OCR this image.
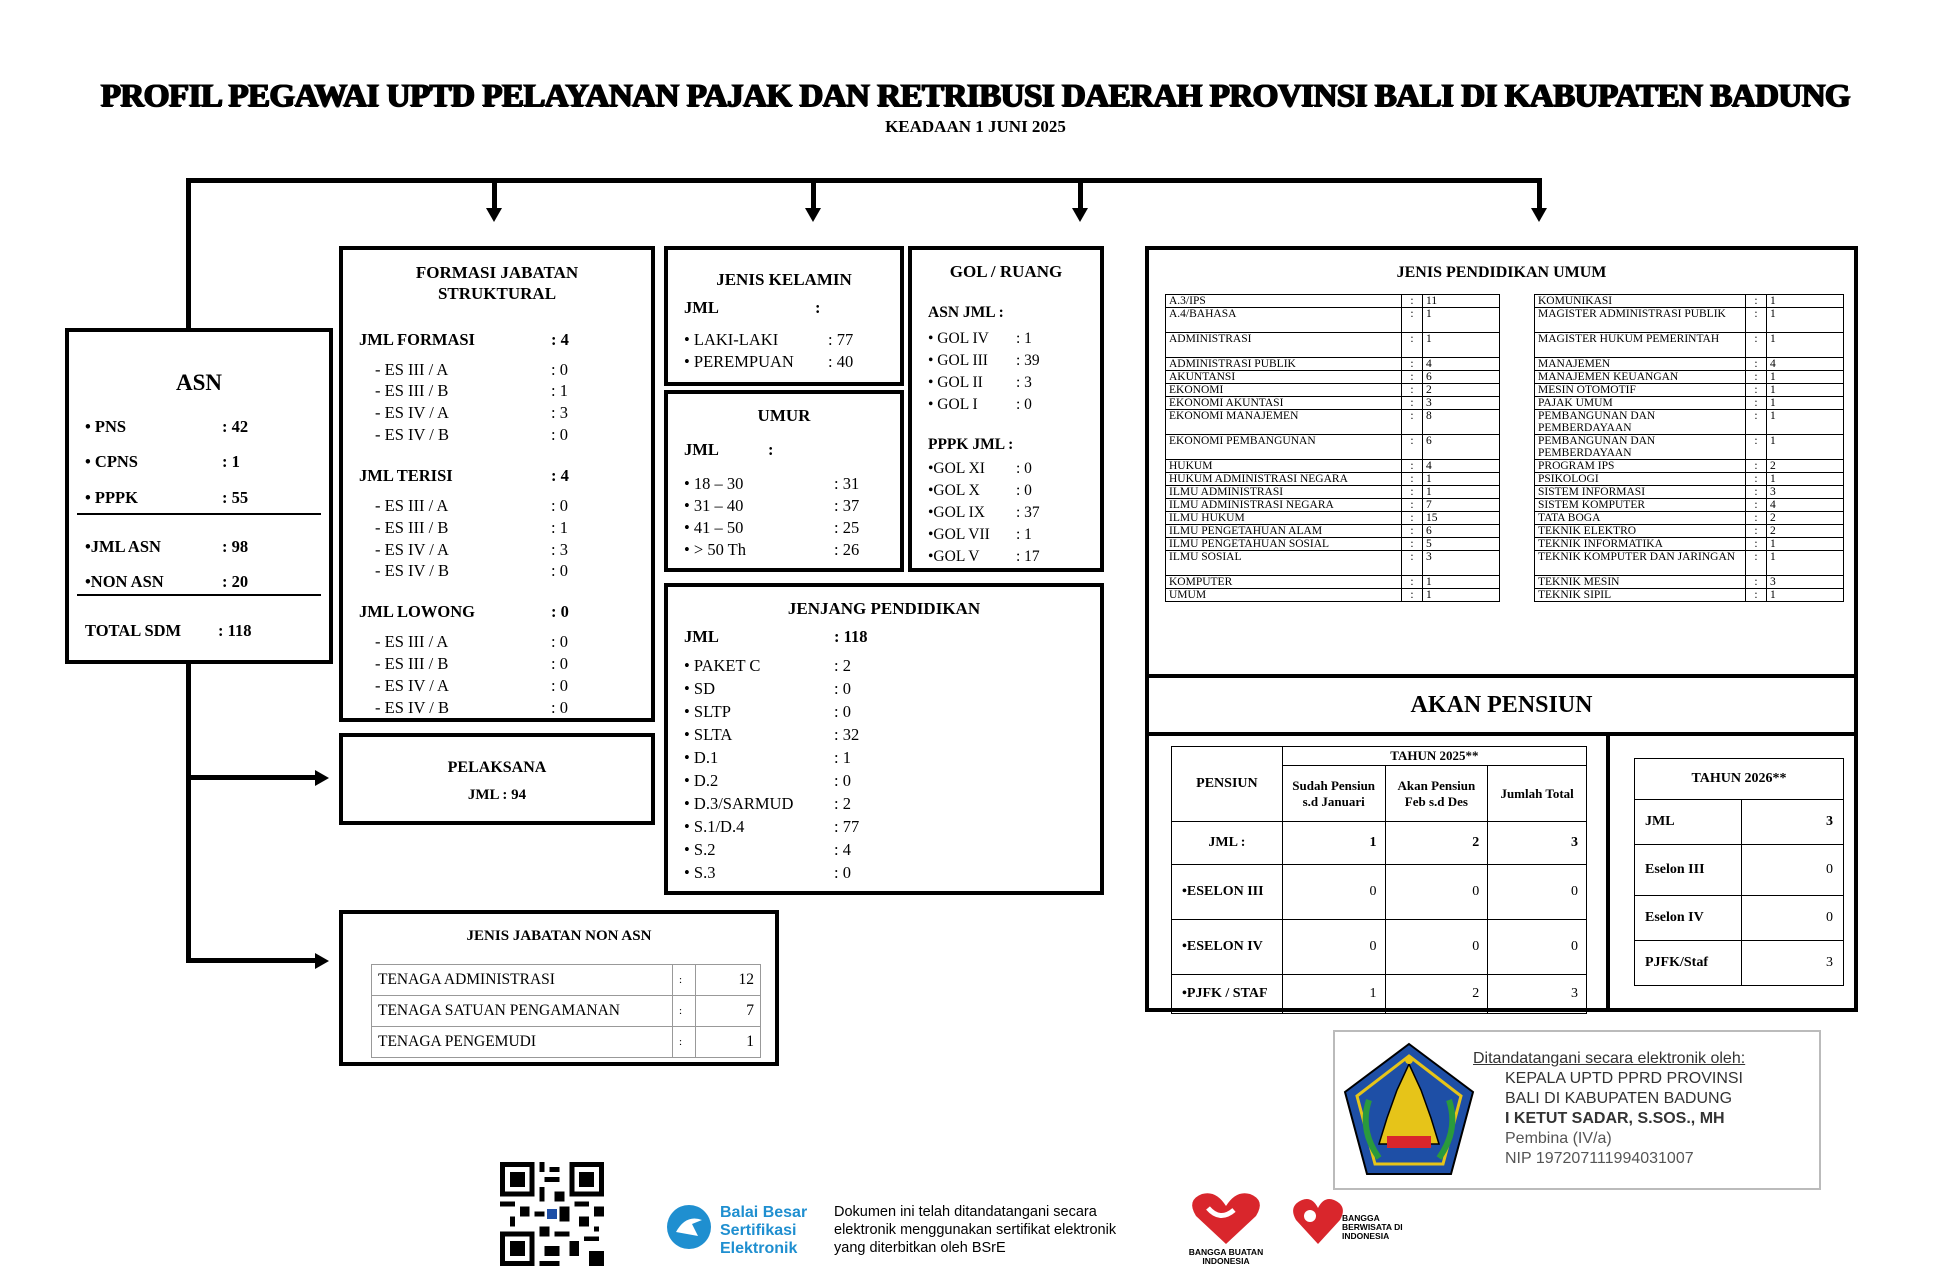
PROFIL PEGAWAI UPTD PELAYANAN PAJAK DAN RETRIBUSI DAERAH PROVINSI BALI DI KABUPATEN BADUNG
KEADAAN 1 JUNI 2025
ASN
• PNS	: 42
• CPNS	: 1
• PPPK	: 55
•JML ASN	: 98
•NON ASN	: 20
TOTAL SDM : 118
FORMASI JABATAN STRUKTURAL
JML FORMASI	: 4
- ES III / A	: 0
- ES III / B	: 1
- ES IV / A	: 3
- ES IV / B	: 0
JML TERISI	: 4
- ES III / A	: 0
- ES III / B	: 1
- ES IV / A	: 3
- ES IV / B	: 0
JML LOWONG	: 0
- ES III / A	: 0
- ES III / B	: 0
- ES IV / A	: 0
- ES IV / B	: 0
PELAKSANA
JML : 94
JENIS KELAMIN
JML	:
• LAKI-LAKI	: 77
• PEREMPUAN : 40
UMUR
JML	:
• 18 – 30	: 31
• 31 – 40	: 37
• 41 – 50	: 25
• > 50 Th	: 26
GOL / RUANG
ASN JML :
• GOL IV : 1
• GOL III : 39
• GOL II : 3
• GOL I : 0
PPPK JML :
•GOL XI : 0
•GOL X : 0
•GOL IX : 37
•GOL VII : 1
•GOL V : 17
JENJANG PENDIDIKAN
JML	: 118
• PAKET C	: 2
• SD	: 0
• SLTP	: 0
• SLTA	: 32
• D.1	: 1
• D.2	: 0
• D.3/SARMUD : 2
• S.1/D.4	: 77
• S.2	: 4
• S.3	: 0
JENIS JABATAN NON ASN
TENAGA ADMINISTRASI	:	12
TENAGA SATUAN PENGAMANAN	:	7
TENAGA PENGEMUDI	:	1
JENIS PENDIDIKAN UMUM
A.3/IPS	:	11
A.4/BAHASA	:	1
ADMINISTRASI	:	1
ADMINISTRASI PUBLIK	:	4
AKUNTANSI	:	6
EKONOMI	:	2
EKONOMI AKUNTASI	:	3
EKONOMI MANAJEMEN	:	8
EKONOMI PEMBANGUNAN	:	6
HUKUM	:	4
HUKUM ADMINISTRASI NEGARA	:	1
ILMU ADMINISTRASI	:	1
ILMU ADMINISTRASI NEGARA	:	7
ILMU HUKUM	:	15
ILMU PENGETAHUAN ALAM	:	6
ILMU PENGETAHUAN SOSIAL	:	5
ILMU SOSIAL	:	3
KOMPUTER	:	1
UMUM	:	1
KOMUNIKASI	:	1
MAGISTER ADMINISTRASI PUBLIK	:	1
MAGISTER HUKUM PEMERINTAH	:	1
MANAJEMEN	:	4
MANAJEMEN KEUANGAN	:	1
MESIN OTOMOTIF	:	1
PAJAK UMUM	:	1
PEMBANGUNAN DAN PEMBERDAYAAN	:	1
PEMBANGUNAN DAN PEMBERDAYAAN	:	1
PROGRAM IPS	:	2
PSIKOLOGI	:	1
SISTEM INFORMASI	:	3
SISTEM KOMPUTER	:	4
TATA BOGA	:	2
TEKNIK ELEKTRO	:	2
TEKNIK INFORMATIKA	:	1
TEKNIK KOMPUTER DAN JARINGAN	:	1
TEKNIK MESIN	:	3
TEKNIK SIPIL	:	1
AKAN PENSIUN
PENSIUN	TAHUN 2025**		
	Sudah Pensiun s.d Januari	Akan Pensiun Feb s.d Des	Jumlah Total
JML :	1	2	3
•ESELON III	0	0	0
•ESELON IV	0	0	0
•PJFK / STAF	1	2	3
TAHUN 2026**	
JML	3
Eselon III	0
Eselon IV	0
PJFK/Staf	3
Ditandatangani secara elektronik oleh:
KEPALA UPTD PPRD PROVINSI
BALI DI KABUPATEN BADUNG
I KETUT SADAR, S.SOS., MH
Pembina (IV/a)
NIP 197207111994031007
Balai Besar
Sertifikasi
Elektronik
Dokumen ini telah ditandatangani secara
elektronik menggunakan sertifikat elektronik
yang diterbitkan oleh BSrE	BANGGA BUATAN INDONESIA
BANGGA BERWISATA DI INDONESIA
